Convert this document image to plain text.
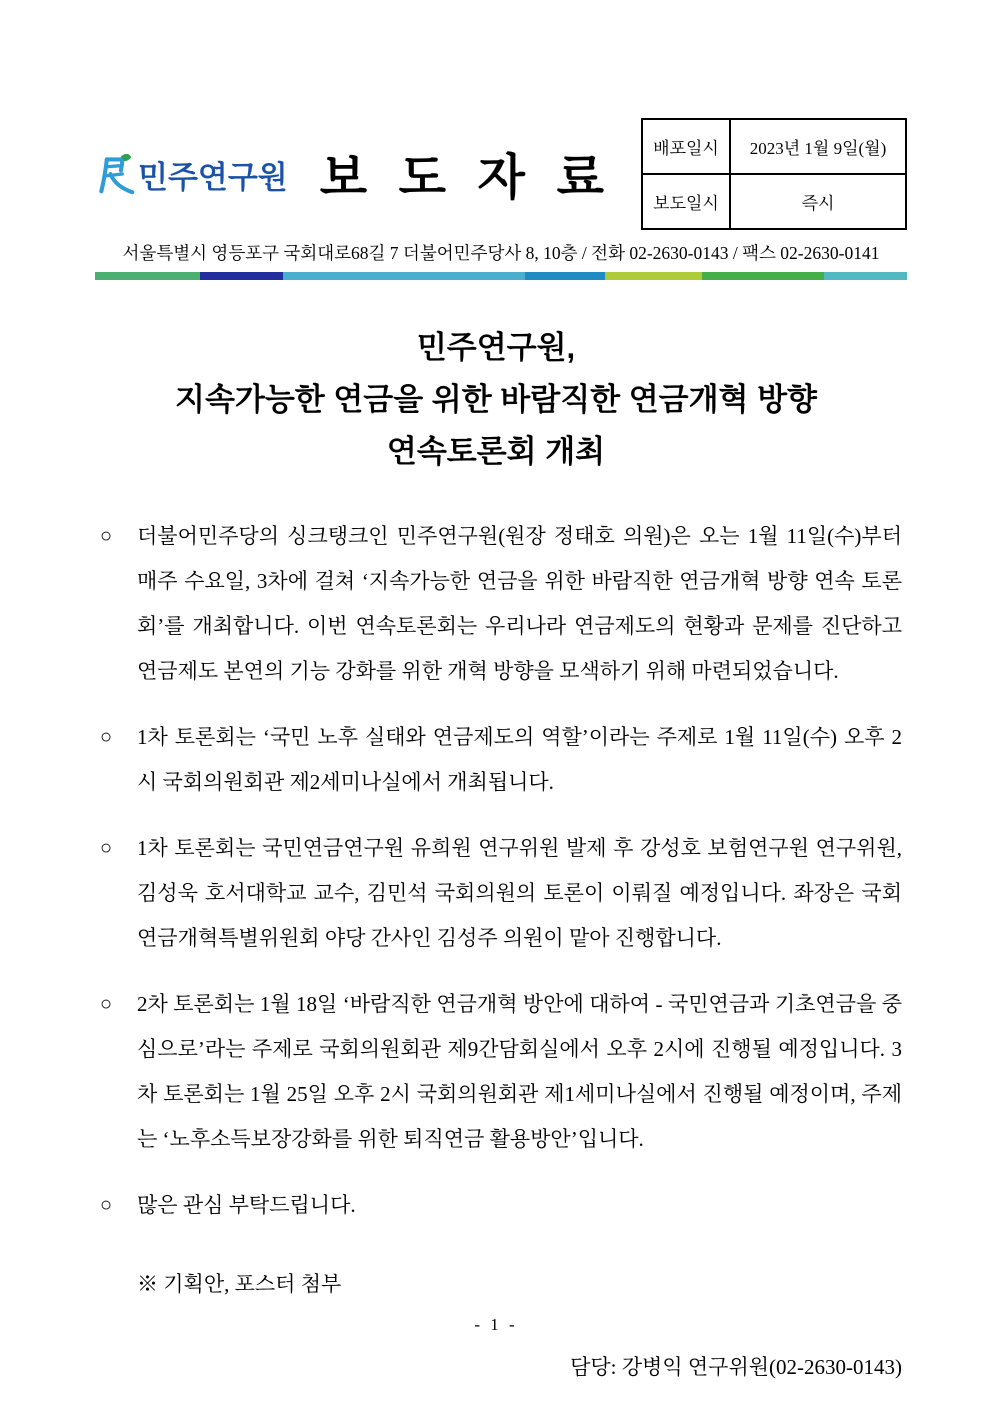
민주연구원 보 도 자 료
배포일시	2023년 1월 9일(월)
보도일시	즉시
서울특별시 영등포구 국회대로68길 7 더불어민주당사 8, 10층 / 전화 02-2630-0143 / 팩스 02-2630-0141
민주연구원,
지속가능한 연금을 위한 바람직한 연금개혁 방향
연속토론회 개최
○ 더불어민주당의 싱크탱크인 민주연구원(원장 정태호 의원)은 오는 1월 11일(수)부터 매주 수요일, 3차에 걸쳐 ‘지속가능한 연금을 위한 바람직한 연금개혁 방향 연속 토론회’를 개최합니다. 이번 연속토론회는 우리나라 연금제도의 현황과 문제를 진단하고 연금제도 본연의 기능 강화를 위한 개혁 방향을 모색하기 위해 마련되었습니다.
○ 1차 토론회는 ‘국민 노후 실태와 연금제도의 역할’이라는 주제로 1월 11일(수) 오후 2시 국회의원회관 제2세미나실에서 개최됩니다.
○ 1차 토론회는 국민연금연구원 유희원 연구위원 발제 후 강성호 보험연구원 연구위원, 김성욱 호서대학교 교수, 김민석 국회의원의 토론이 이뤄질 예정입니다. 좌장은 국회 연금개혁특별위원회 야당 간사인 김성주 의원이 맡아 진행합니다.
○ 2차 토론회는 1월 18일 ‘바람직한 연금개혁 방안에 대하여 - 국민연금과 기초연금을 중심으로’라는 주제로 국회의원회관 제9간담회실에서 오후 2시에 진행될 예정입니다. 3차 토론회는 1월 25일 오후 2시 국회의원회관 제1세미나실에서 진행될 예정이며, 주제는 ‘노후소득보장강화를 위한 퇴직연금 활용방안’입니다.
○ 많은 관심 부탁드립니다.
※ 기획안, 포스터 첨부
담당: 강병익 연구위원(02-2630-0143)
- 1 -
